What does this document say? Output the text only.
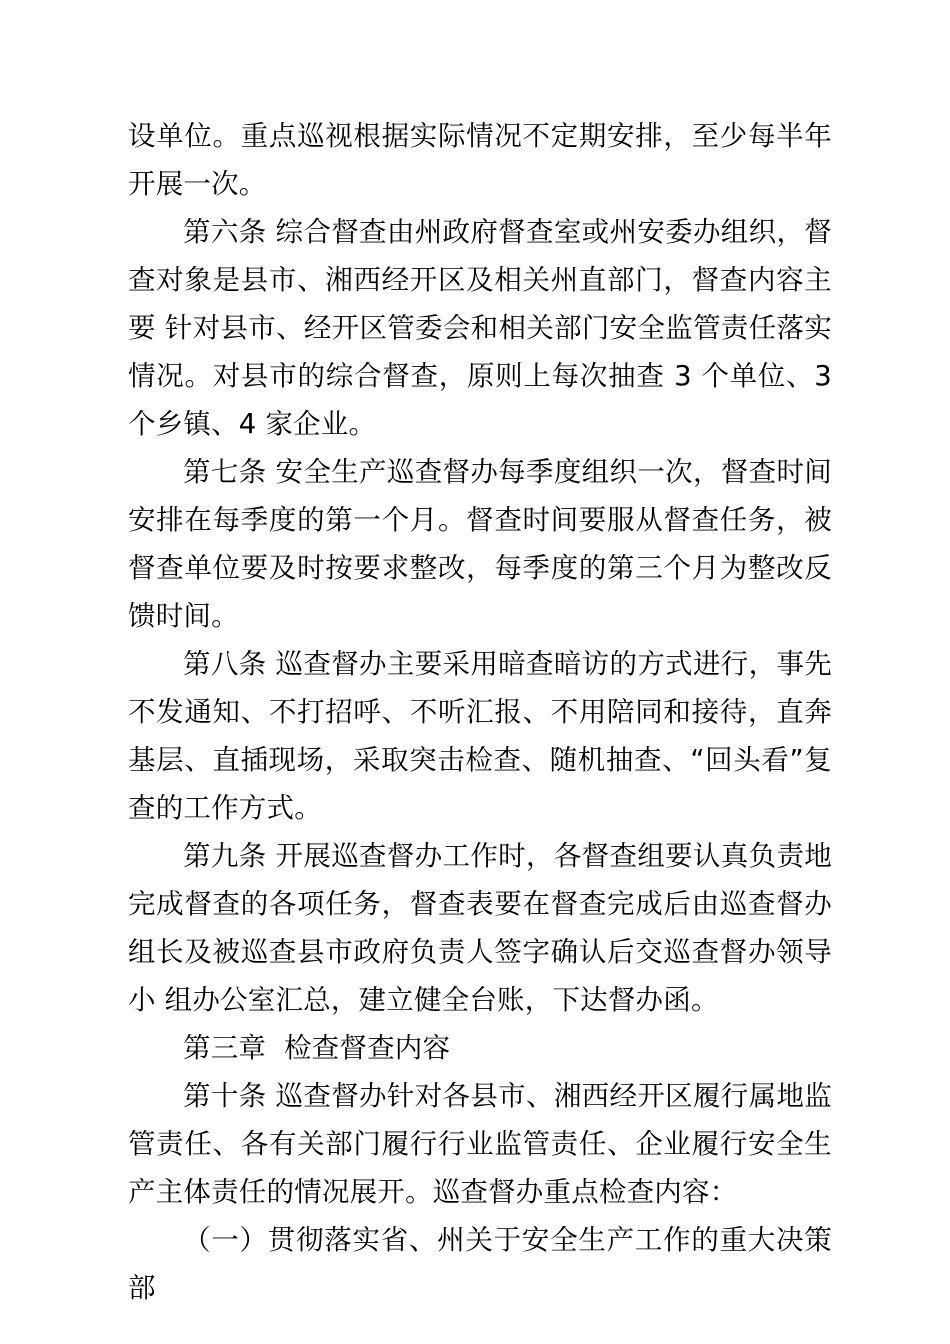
设单位。重点巡视根据实际情况不定期安排，至少每半年开展一次。

第六条 综合督查由州政府督查室或州安委办组织，督查对象是县市、湘西经开区及相关州直部门，督查内容主要 针对县市、经开区管委会和相关部门安全监管责任落实情况。对县市的综合督查，原则上每次抽查 3 个单位、3 个乡镇、4 家企业。

第七条 安全生产巡查督办每季度组织一次，督查时间安排在每季度的第一个月。督查时间要服从督查任务，被督查单位要及时按要求整改，每季度的第三个月为整改反馈时间。

第八条 巡查督办主要采用暗查暗访的方式进行，事先不发通知、不打招呼、不听汇报、不用陪同和接待，直奔基层、直插现场，采取突击检查、随机抽查、“回头看”复查的工作方式。

第九条 开展巡查督办工作时，各督查组要认真负责地完成督查的各项任务，督查表要在督查完成后由巡查督办组长及被巡查县市政府负责人签字确认后交巡查督办领导小 组办公室汇总，建立健全台账，下达督办函。

第三章  检查督查内容

第十条 巡查督办针对各县市、湘西经开区履行属地监管责任、各有关部门履行行业监管责任、企业履行安全生产主体责任的情况展开。巡查督办重点检查内容：

（一）贯彻落实省、州关于安全生产工作的重大决策部
